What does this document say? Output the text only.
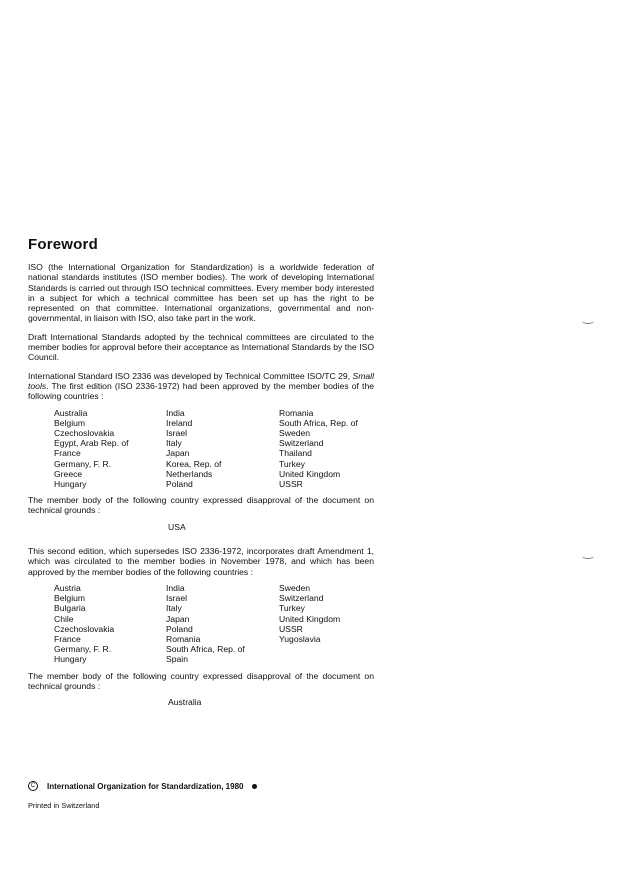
Foreword

ISO (the International Organization for Standardization) is a worldwide federation of national standards institutes (ISO member bodies). The work of developing International Standards is carried out through ISO technical committees. Every member body interested in a subject for which a technical committee has been set up has the right to be represented on that committee. International organizations, governmental and non-governmental, in liaison with ISO, also take part in the work.

Draft International Standards adopted by the technical committees are circulated to the member bodies for approval before their acceptance as International Standards by the ISO Council.

International Standard ISO 2336 was developed by Technical Committee ISO/TC 29, Small tools. The first edition (ISO 2336-1972) had been approved by the member bodies of the following countries :

Australia
Belgium
Czechoslovakia
Egypt, Arab Rep. of
France
Germany, F. R.
Greece
Hungary
India
Ireland
Israel
Italy
Japan
Korea, Rep. of
Netherlands
Poland
Romania
South Africa, Rep. of
Sweden
Switzerland
Thailand
Turkey
United Kingdom
USSR

The member body of the following country expressed disapproval of the document on technical grounds :

USA

This second edition, which supersedes ISO 2336-1972, incorporates draft Amendment 1, which was circulated to the member bodies in November 1978, and which has been approved by the member bodies of the following countries :

Austria
Belgium
Bulgaria
Chile
Czechoslovakia
France
Germany, F. R.
Hungary
India
Israel
Italy
Japan
Poland
Romania
South Africa, Rep. of
Spain
Sweden
Switzerland
Turkey
United Kingdom
USSR
Yugoslavia

The member body of the following country expressed disapproval of the document on technical grounds :

Australia
C	International Organization for Standardization, 1980
Printed in Switzerland
